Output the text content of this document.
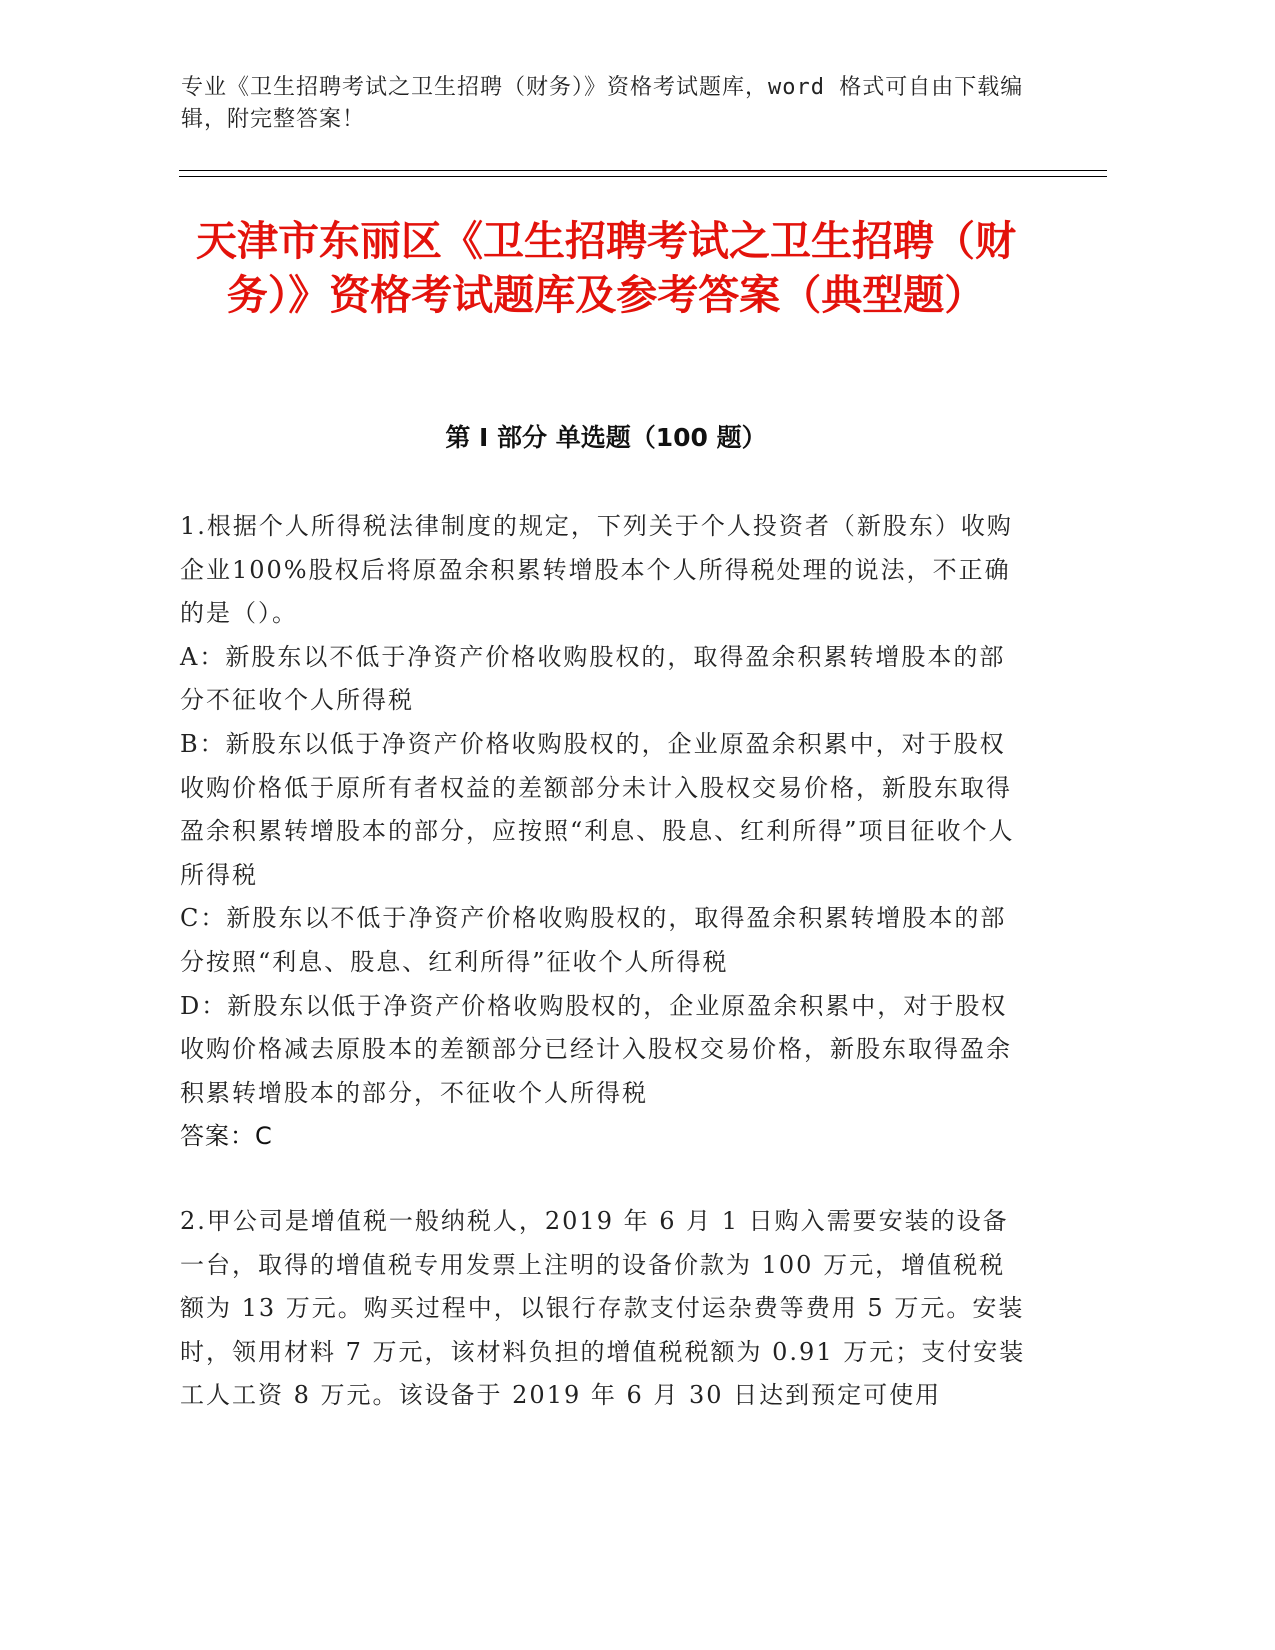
专业《卫生招聘考试之卫生招聘（财务）》资格考试题库，word 格式可自由下载编辑，附完整答案！
天津市东丽区《卫生招聘考试之卫生招聘（财务）》资格考试题库及参考答案（典型题）
第 I 部分 单选题（100 题）
1.根据个人所得税法律制度的规定，下列关于个人投资者（新股东）收购企业100%股权后将原盈余积累转增股本个人所得税处理的说法，不正确的是（）。
A：新股东以不低于净资产价格收购股权的，取得盈余积累转增股本的部分不征收个人所得税
B：新股东以低于净资产价格收购股权的，企业原盈余积累中，对于股权收购价格低于原所有者权益的差额部分未计入股权交易价格，新股东取得盈余积累转增股本的部分，应按照“利息、股息、红利所得”项目征收个人所得税
C：新股东以不低于净资产价格收购股权的，取得盈余积累转增股本的部分按照“利息、股息、红利所得”征收个人所得税
D：新股东以低于净资产价格收购股权的，企业原盈余积累中，对于股权收购价格减去原股本的差额部分已经计入股权交易价格，新股东取得盈余积累转增股本的部分，不征收个人所得税
答案：C
2.甲公司是增值税一般纳税人，2019 年 6 月 1 日购入需要安装的设备一台，取得的增值税专用发票上注明的设备价款为 100 万元，增值税税额为 13 万元。购买过程中，以银行存款支付运杂费等费用 5 万元。安装时，领用材料 7 万元，该材料负担的增值税税额为 0.91 万元；支付安装工人工资 8 万元。该设备于 2019 年 6 月 30 日达到预定可使用
